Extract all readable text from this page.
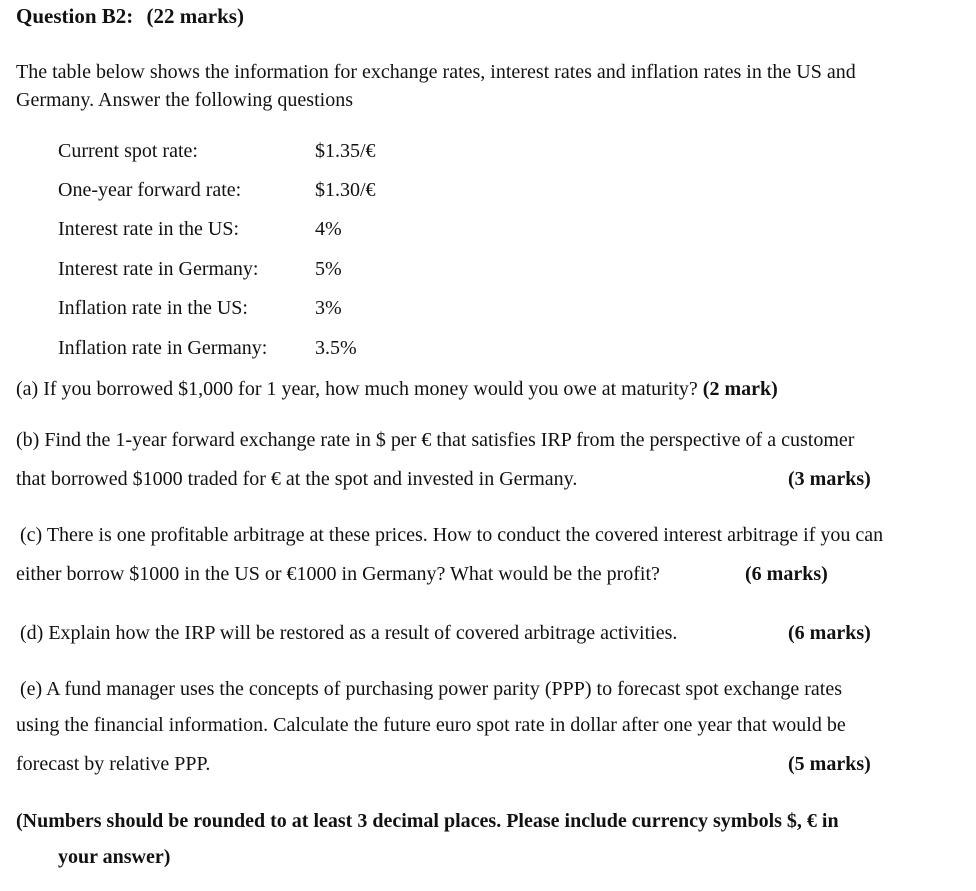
Question B2: (22 marks)
The table below shows the information for exchange rates, interest rates and inflation rates in the US and
Germany. Answer the following questions
Current spot rate:	$1.35/€
One-year forward rate:	$1.30/€
Interest rate in the US:	4%
Interest rate in Germany:	5%
Inflation rate in the US:	3%
Inflation rate in Germany: 3.5%
(a) If you borrowed $1,000 for 1 year, how much money would you owe at maturity? (2 mark)
(b) Find the 1-year forward exchange rate in $ per € that satisfies IRP from the perspective of a customer
that borrowed $1000 traded for € at the spot and invested in Germany.	(3 marks)
(c) There is one profitable arbitrage at these prices. How to conduct the covered interest arbitrage if you can
either borrow $1000 in the US or €1000 in Germany? What would be the profit?	(6 marks)
(d) Explain how the IRP will be restored as a result of covered arbitrage activities.	(6 marks)
(e) A fund manager uses the concepts of purchasing power parity (PPP) to forecast spot exchange rates
using the financial information. Calculate the future euro spot rate in dollar after one year that would be
forecast by relative PPP.	(5 marks)
(Numbers should be rounded to at least 3 decimal places. Please include currency symbols $, € in
your answer)
